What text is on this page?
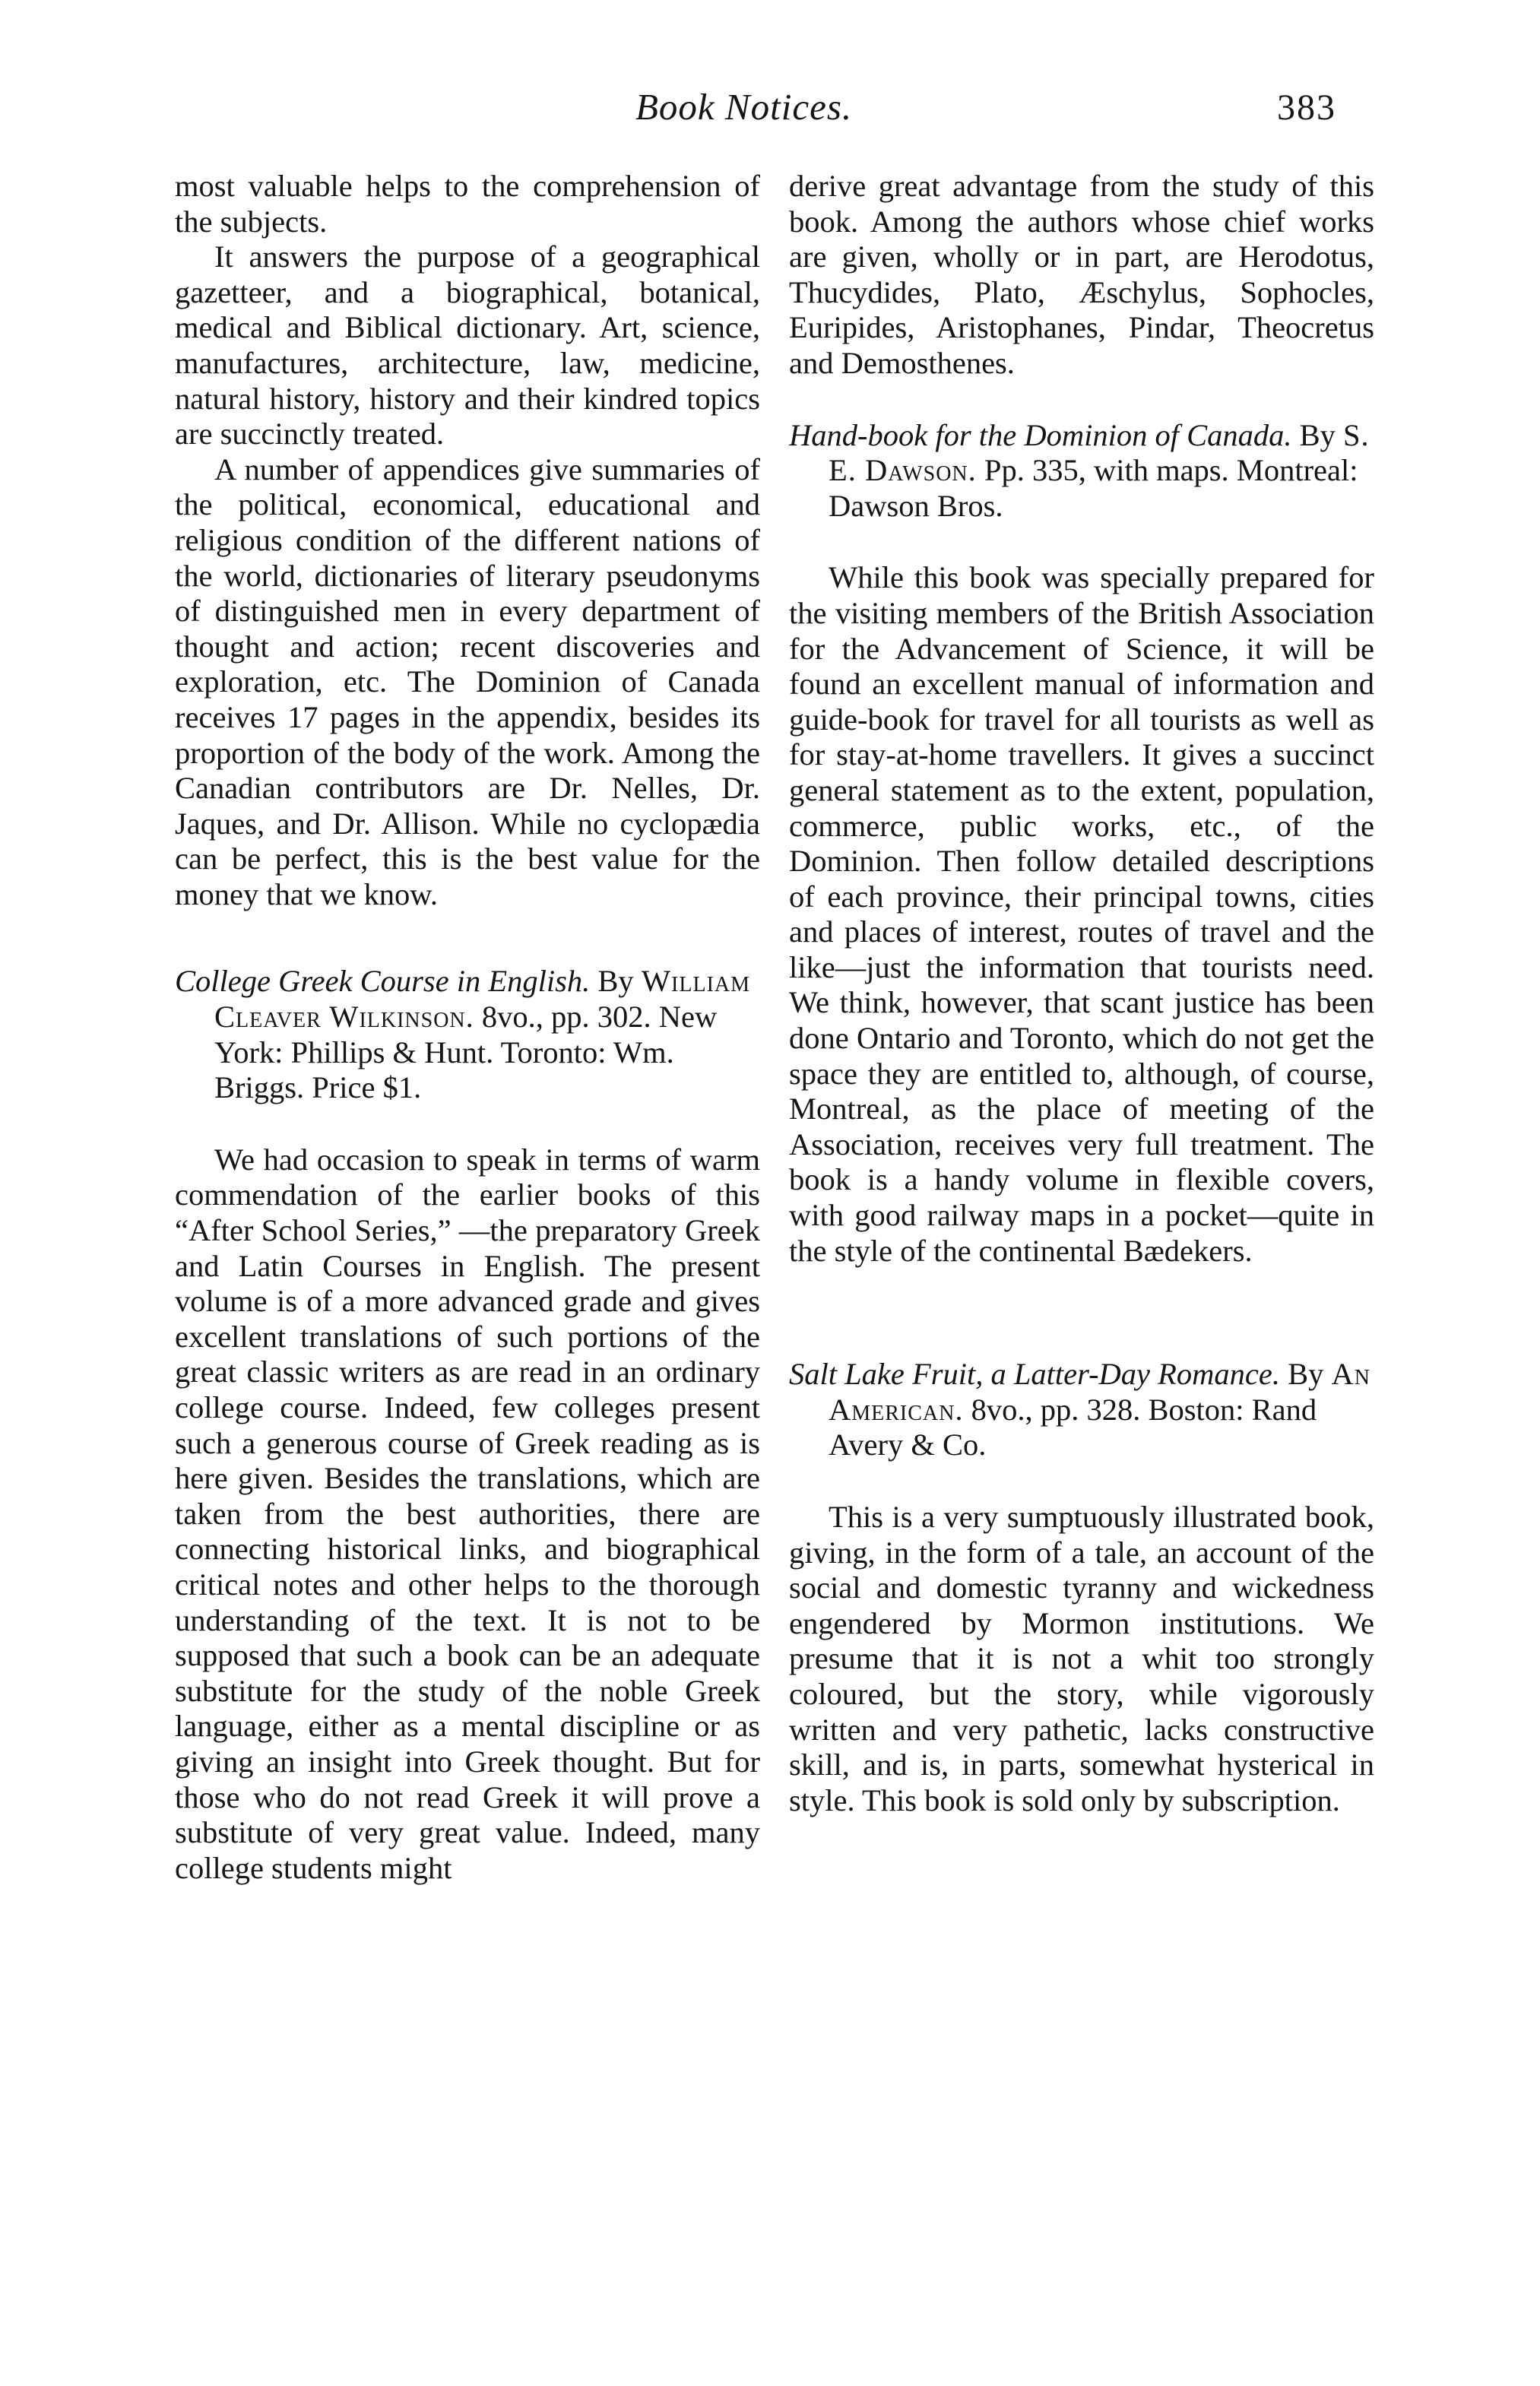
Book Notices.	383

most valuable helps to the comprehension of the subjects.

It answers the purpose of a geographical gazetteer, and a biographical, botanical, medical and Biblical dictionary. Art, science, manufactures, architecture, law, medicine, natural history, history and their kindred topics are succinctly treated.

A number of appendices give summaries of the political, economical, educational and religious condition of the different nations of the world, dictionaries of literary pseudonyms of distinguished men in every department of thought and action; recent discoveries and exploration, etc. The Dominion of Canada receives 17 pages in the appendix, besides its proportion of the body of the work. Among the Canadian contributors are Dr. Nelles, Dr. Jaques, and Dr. Allison. While no cyclopædia can be perfect, this is the best value for the money that we know.

College Greek Course in English. By William Cleaver Wilkinson. 8vo., pp. 302. New York: Phillips & Hunt. Toronto: Wm. Briggs. Price $1.

We had occasion to speak in terms of warm commendation of the earlier books of this “After School Series,” —the preparatory Greek and Latin Courses in English. The present volume is of a more advanced grade and gives excellent translations of such portions of the great classic writers as are read in an ordinary college course. Indeed, few colleges present such a generous course of Greek reading as is here given. Besides the translations, which are taken from the best authorities, there are connecting historical links, and biographical critical notes and other helps to the thorough understanding of the text. It is not to be supposed that such a book can be an adequate substitute for the study of the noble Greek language, either as a mental discipline or as giving an insight into Greek thought. But for those who do not read Greek it will prove a substitute of very great value. Indeed, many college students might

derive great advantage from the study of this book. Among the authors whose chief works are given, wholly or in part, are Herodotus, Thucydides, Plato, Æschylus, Sophocles, Euripides, Aristophanes, Pindar, Theocretus and Demosthenes.

Hand-book for the Dominion of Canada. By S. E. Dawson. Pp. 335, with maps. Montreal: Dawson Bros.

While this book was specially prepared for the visiting members of the British Association for the Advancement of Science, it will be found an excellent manual of information and guide-book for travel for all tourists as well as for stay-at-home travellers. It gives a succinct general statement as to the extent, population, commerce, public works, etc., of the Dominion. Then follow detailed descriptions of each province, their principal towns, cities and places of interest, routes of travel and the like—just the information that tourists need. We think, however, that scant justice has been done Ontario and Toronto, which do not get the space they are entitled to, although, of course, Montreal, as the place of meeting of the Association, receives very full treatment. The book is a handy volume in flexible covers, with good railway maps in a pocket—quite in the style of the continental Bædekers.

Salt Lake Fruit, a Latter-Day Romance. By An American. 8vo., pp. 328. Boston: Rand Avery & Co.

This is a very sumptuously illustrated book, giving, in the form of a tale, an account of the social and domestic tyranny and wickedness engendered by Mormon institutions. We presume that it is not a whit too strongly coloured, but the story, while vigorously written and very pathetic, lacks constructive skill, and is, in parts, somewhat hysterical in style. This book is sold only by subscription.
